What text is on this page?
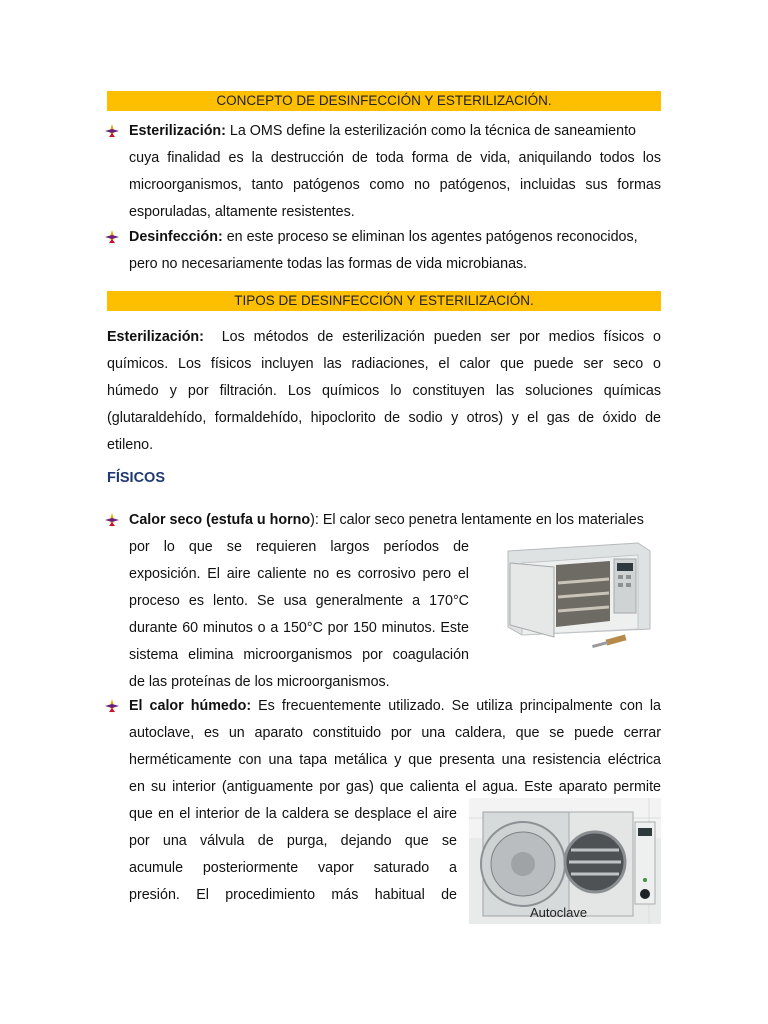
CONCEPTO DE DESINFECCIÓN Y ESTERILIZACIÓN.
Esterilización: La OMS define la esterilización como la técnica de saneamiento
cuya finalidad es la destrucción de toda forma de vida, aniquilando todos los
microorganismos, tanto patógenos como no patógenos, incluidas sus formas
esporuladas, altamente resistentes.
Desinfección: en este proceso se eliminan los agentes patógenos reconocidos,
pero no necesariamente todas las formas de vida microbianas.
TIPOS DE DESINFECCIÓN Y ESTERILIZACIÓN.
Esterilización:  Los métodos de esterilización pueden ser por medios físicos o
químicos. Los físicos incluyen las radiaciones, el calor que puede ser seco o
húmedo y por filtración. Los químicos lo constituyen las soluciones químicas
(glutaraldehído, formaldehído, hipoclorito de sodio y otros) y el gas de óxido de
etileno.
FÍSICOS
Calor seco (estufa u horno): El calor seco penetra lentamente en los materiales
por lo que se requieren largos períodos de
exposición. El aire caliente no es corrosivo pero el
proceso es lento. Se usa generalmente a 170°C
durante 60 minutos o a 150°C por 150 minutos. Este
sistema elimina microorganismos por coagulación
de las proteínas de los microorganismos.
El calor húmedo: Es frecuentemente utilizado. Se utiliza principalmente con la
autoclave, es un aparato constituido por una caldera, que se puede cerrar
herméticamente con una tapa metálica y que presenta una resistencia eléctrica
en su interior (antiguamente por gas) que calienta el agua. Este aparato permite
que en el interior de la caldera se desplace el aire
por una válvula de purga, dejando que se
acumule posteriormente vapor saturado a
presión. El procedimiento más habitual de
Autoclave
